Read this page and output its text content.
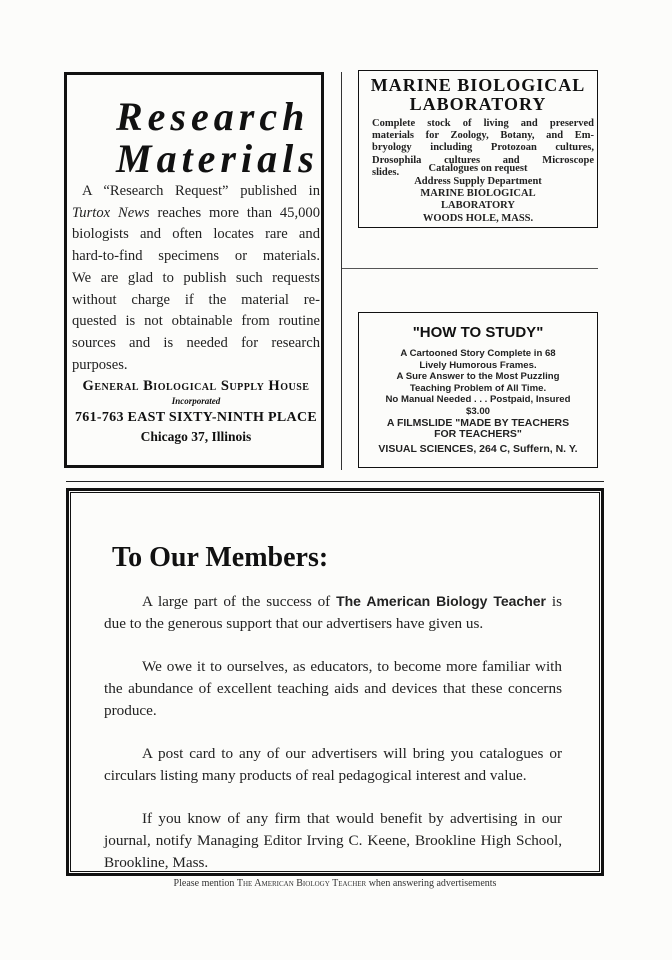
Research
Materials
A “Research Request” published in
Turtox News reaches more than 45,000
biologists and often locates rare and
hard-to-find specimens or materials.
We are glad to publish such requests
without charge if the material re-
quested is not obtainable from routine
sources and is needed for research
purposes.
General Biological Supply House
Incorporated
761-763 EAST SIXTY-NINTH PLACE
Chicago 37, Illinois
MARINE BIOLOGICAL
LABORATORY
Complete stock of living and preserved
materials for Zoology, Botany, and Em-
bryology including Protozoan cultures,
Drosophila cultures and Microscope
slides.	Catalogues on request
Address Supply Department
MARINE BIOLOGICAL
LABORATORY
WOODS HOLE, MASS.
"HOW TO STUDY"
A Cartooned Story Complete in 68
Lively Humorous Frames.
A Sure Answer to the Most Puzzling
Teaching Problem of All Time.
No Manual Needed . . . Postpaid, Insured
$3.00
A FILMSLIDE "MADE BY TEACHERS
FOR TEACHERS"
VISUAL SCIENCES, 264 C, Suffern, N. Y.
To Our Members:

A large part of the success of The American Biology Teacher is due to the generous support that our advertisers have given us.

We owe it to ourselves, as educators, to become more familiar with the abundance of excellent teaching aids and devices that these concerns produce.

A post card to any of our advertisers will bring you catalogues or circulars listing many products of real pedagogical interest and value.

If you know of any firm that would benefit by advertising in our journal, notify Managing Editor Irving C. Keene, Brookline High School, Brookline, Mass.

Please mention The American Biology Teacher when answering advertisements
